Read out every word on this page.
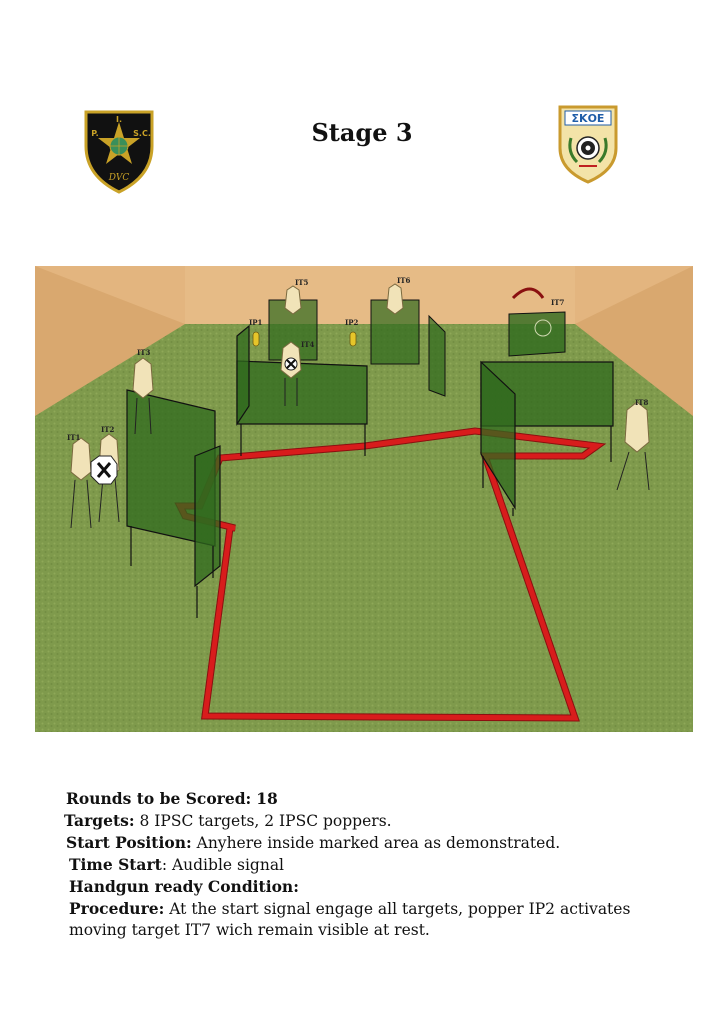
Stage 3
I.
P.	S.C.
DVC
ΣΚΟΕ
IT1
IT2
IT3
IT4
IT5	IT6
IT7
IT8
IP1	IP2
Rounds to be Scored: 18
Targets: 8 IPSC targets, 2 IPSC poppers.
Start Position: Anyhere inside marked area as demonstrated.
Time Start: Audible signal
Handgun ready Condition:
Procedure: At the start signal engage all targets, popper IP2 activates moving target IT7 wich remain visible at rest.
